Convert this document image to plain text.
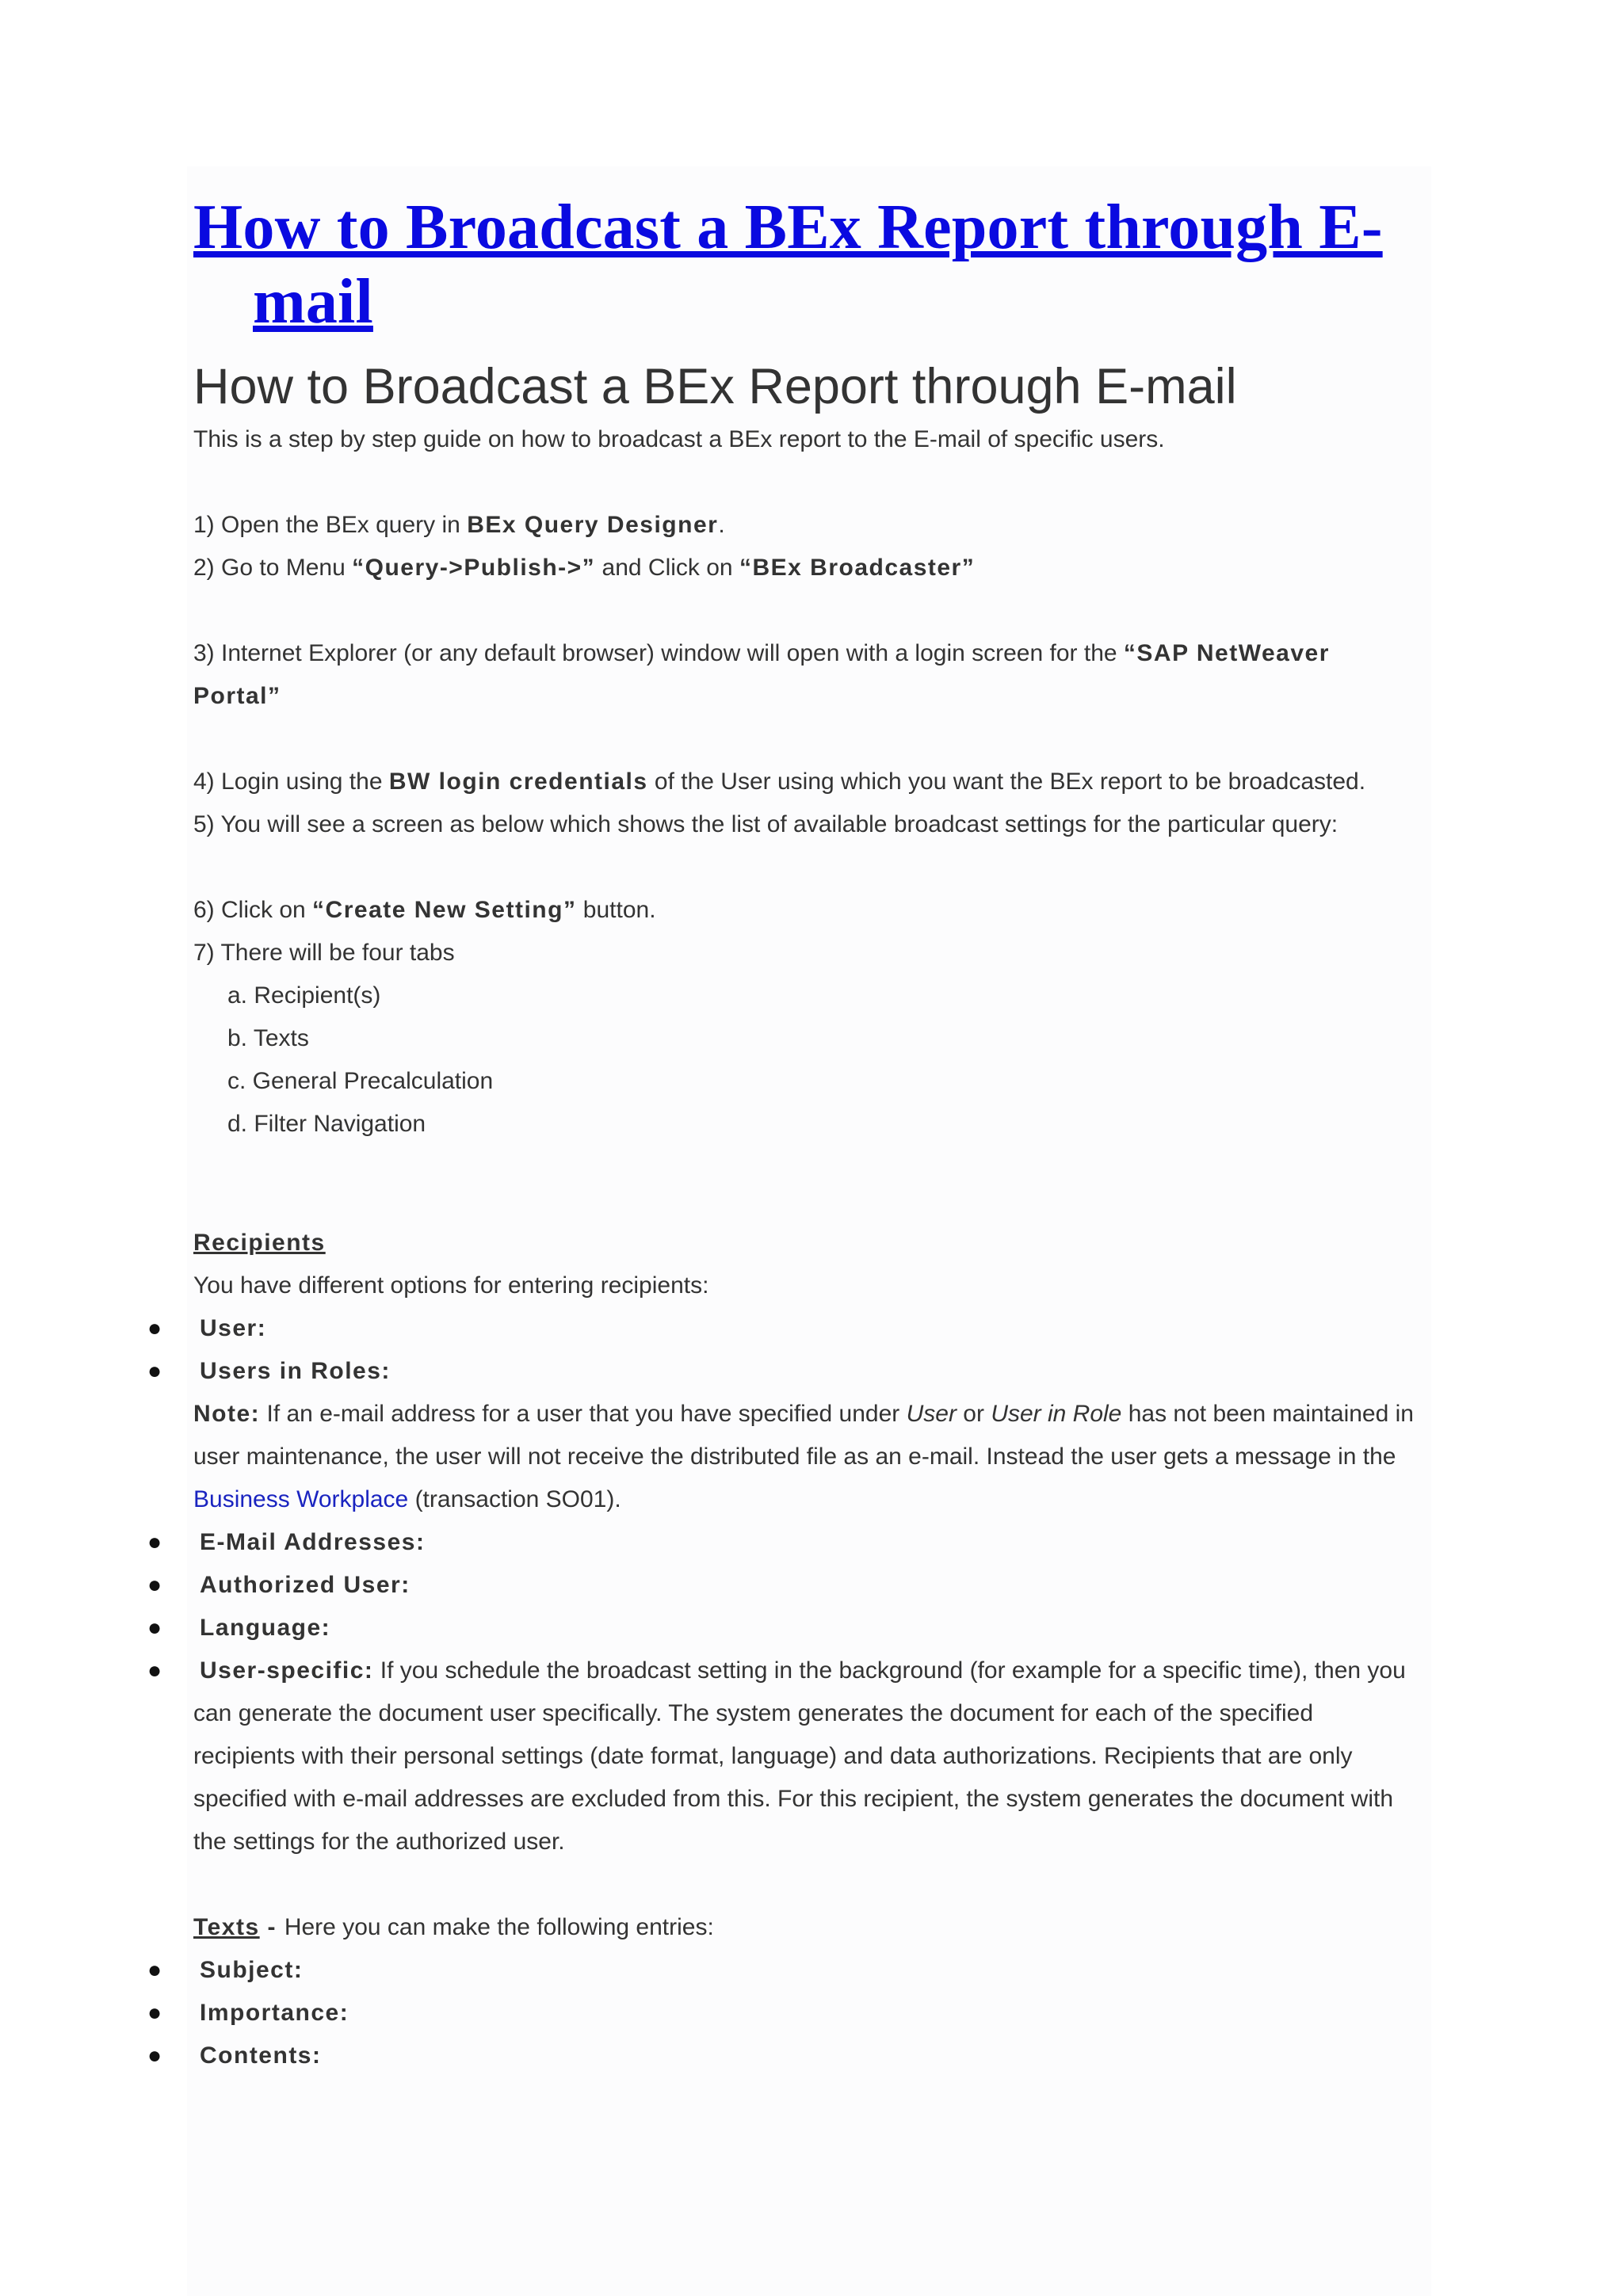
How to Broadcast a BEx Report through E-mail
How to Broadcast a BEx Report through E-mail
This is a step by step guide on how to broadcast a BEx report to the E-mail of specific users.
1) Open the BEx query in BEx Query Designer.
2) Go to Menu “Query->Publish->” and Click on “BEx Broadcaster”
3) Internet Explorer (or any default browser) window will open with a login screen for the “SAP NetWeaver Portal”
4) Login using the BW login credentials of the User using which you want the BEx report to be broadcasted.
5) You will see a screen as below which shows the list of available broadcast settings for the particular query:
6) Click on “Create New Setting” button.
7) There will be four tabs
a. Recipient(s)
b. Texts
c. General Precalculation
d. Filter Navigation
Recipients
You have different options for entering recipients:
● User:
● Users in Roles:
Note: If an e-mail address for a user that you have specified under User or User in Role has not been maintained in user maintenance, the user will not receive the distributed file as an e-mail. Instead the user gets a message in the Business Workplace (transaction SO01).
● E-Mail Addresses:
● Authorized User:
● Language:
● User-specific: If you schedule the broadcast setting in the background (for example for a specific time), then you can generate the document user specifically. The system generates the document for each of the specified recipients with their personal settings (date format, language) and data authorizations. Recipients that are only specified with e-mail addresses are excluded from this. For this recipient, the system generates the document with the settings for the authorized user.
Texts - Here you can make the following entries:
● Subject:
● Importance:
● Contents:
